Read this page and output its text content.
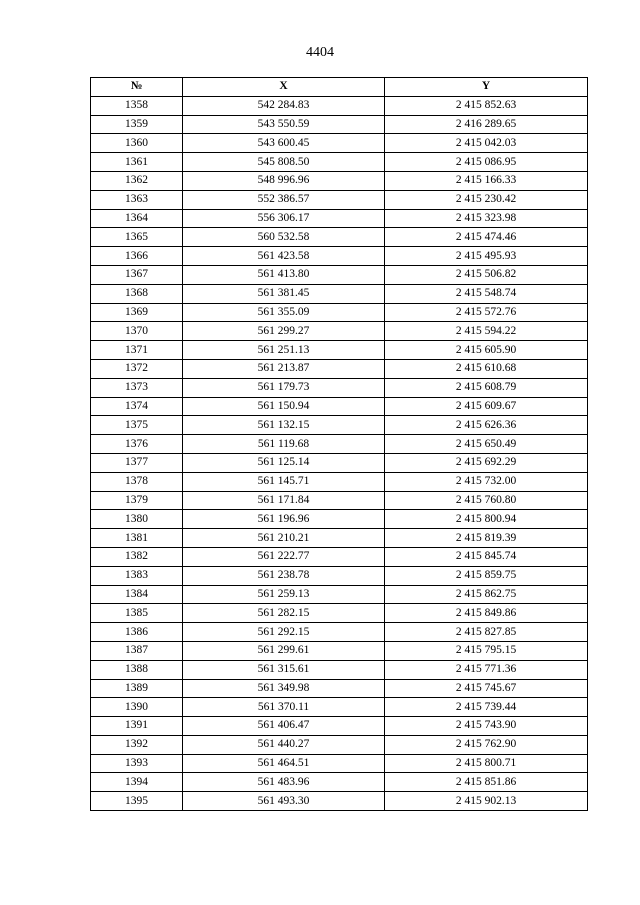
4404
№	X	Y
1358	542 284.83	2 415 852.63
1359	543 550.59	2 416 289.65
1360	543 600.45	2 415 042.03
1361	545 808.50	2 415 086.95
1362	548 996.96	2 415 166.33
1363	552 386.57	2 415 230.42
1364	556 306.17	2 415 323.98
1365	560 532.58	2 415 474.46
1366	561 423.58	2 415 495.93
1367	561 413.80	2 415 506.82
1368	561 381.45	2 415 548.74
1369	561 355.09	2 415 572.76
1370	561 299.27	2 415 594.22
1371	561 251.13	2 415 605.90
1372	561 213.87	2 415 610.68
1373	561 179.73	2 415 608.79
1374	561 150.94	2 415 609.67
1375	561 132.15	2 415 626.36
1376	561 119.68	2 415 650.49
1377	561 125.14	2 415 692.29
1378	561 145.71	2 415 732.00
1379	561 171.84	2 415 760.80
1380	561 196.96	2 415 800.94
1381	561 210.21	2 415 819.39
1382	561 222.77	2 415 845.74
1383	561 238.78	2 415 859.75
1384	561 259.13	2 415 862.75
1385	561 282.15	2 415 849.86
1386	561 292.15	2 415 827.85
1387	561 299.61	2 415 795.15
1388	561 315.61	2 415 771.36
1389	561 349.98	2 415 745.67
1390	561 370.11	2 415 739.44
1391	561 406.47	2 415 743.90
1392	561 440.27	2 415 762.90
1393	561 464.51	2 415 800.71
1394	561 483.96	2 415 851.86
1395	561 493.30	2 415 902.13
